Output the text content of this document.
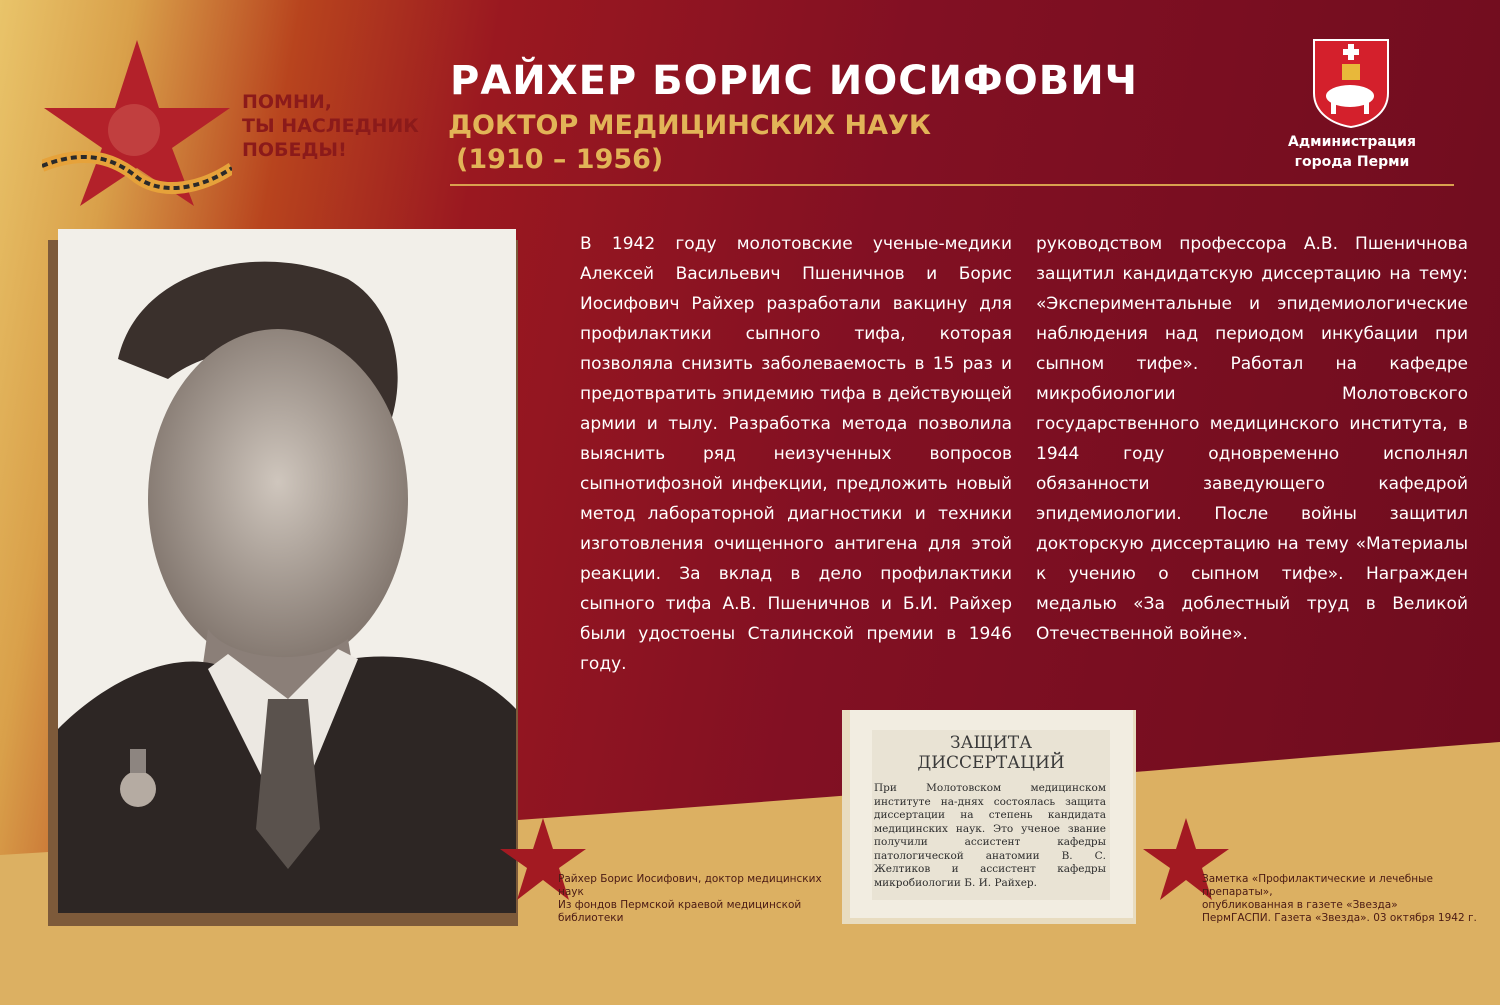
ПОМНИ,
ТЫ НАСЛЕДНИК
ПОБЕДЫ!
РАЙХЕР БОРИС ИОСИФОВИЧ
ДОКТОР МЕДИЦИНСКИХ НАУК
(1910 – 1956)
Администрация
города Перми
В 1942 году молотовские ученые-медики Алексей Васильевич Пшеничнов и Борис Иосифович Райхер разработали вакцину для профилактики сыпного тифа, которая позволяла снизить заболеваемость в 15 раз и предотвратить эпидемию тифа в действующей армии и тылу. Разработка метода позволила выяснить ряд неизученных вопросов сыпнотифозной инфекции, предложить новый метод лабораторной диагностики и техники изготовления очищенного антигена для этой реакции. За вклад в дело профилактики сыпного тифа А.В. Пшеничнов и Б.И. Райхер были удостоены Сталинской премии в 1946 году.
руководством профессора А.В. Пшеничнова защитил кандидатскую диссертацию на тему: «Экспериментальные и эпидемиологические наблюдения над периодом инкубации при сыпном тифе». Работал на кафедре микробиологии Молотовского государственного медицинского института, в 1944 году одновременно исполнял обязанности заведующего кафедрой эпидемиологии. После войны защитил докторскую диссертацию на тему «Материалы к учению о сыпном тифе». Награжден медалью «За доблестный труд в Великой Отечественной войне».
ЗАЩИТА
ДИССЕРТАЦИЙ
При Молотовском медицинском институте на-днях состоялась защита диссертации на степень кандидата медицинских наук. Это ученое звание получили ассистент кафедры патологической анатомии В. С. Желтиков и ассистент кафедры микробиологии Б. И. Райхер.
Райхер Борис Иосифович, доктор медицинских наук
Из фондов Пермской краевой медицинской
библиотеки
Заметка «Профилактические и лечебные препараты»,
опубликованная в газете «Звезда»
ПермГАСПИ. Газета «Звезда». 03 октября 1942 г.
